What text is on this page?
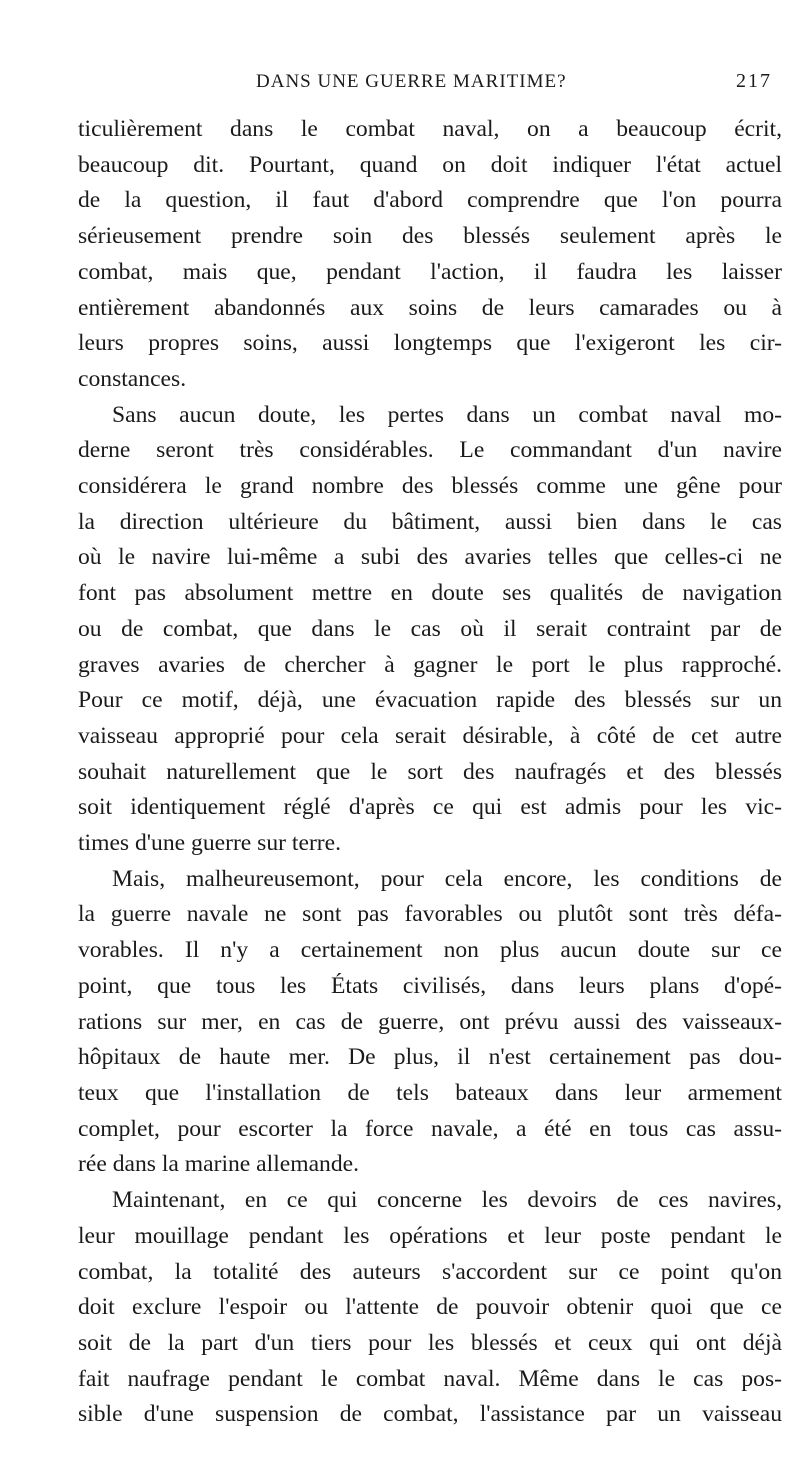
DANS UNE GUERRE MARITIME?	217

ticulièrement dans le combat naval, on a beaucoup écrit,
beaucoup dit. Pourtant, quand on doit indiquer l'état actuel
de la question, il faut d'abord comprendre que l'on pourra
sérieusement prendre soin des blessés seulement après le
combat, mais que, pendant l'action, il faudra les laisser
entièrement abandonnés aux soins de leurs camarades ou à
leurs propres soins, aussi longtemps que l'exigeront les cir-
constances.

Sans aucun doute, les pertes dans un combat naval mo-
derne seront très considérables. Le commandant d'un navire
considérera le grand nombre des blessés comme une gêne pour
la direction ultérieure du bâtiment, aussi bien dans le cas
où le navire lui-même a subi des avaries telles que celles-ci ne
font pas absolument mettre en doute ses qualités de navigation
ou de combat, que dans le cas où il serait contraint par de
graves avaries de chercher à gagner le port le plus rapproché.
Pour ce motif, déjà, une évacuation rapide des blessés sur un
vaisseau approprié pour cela serait désirable, à côté de cet autre
souhait naturellement que le sort des naufragés et des blessés
soit identiquement réglé d'après ce qui est admis pour les vic-
times d'une guerre sur terre.

Mais, malheureusemont, pour cela encore, les conditions de
la guerre navale ne sont pas favorables ou plutôt sont très défa-
vorables. Il n'y a certainement non plus aucun doute sur ce
point, que tous les États civilisés, dans leurs plans d'opé-
rations sur mer, en cas de guerre, ont prévu aussi des vaisseaux-
hôpitaux de haute mer. De plus, il n'est certainement pas dou-
teux que l'installation de tels bateaux dans leur armement
complet, pour escorter la force navale, a été en tous cas assu-
rée dans la marine allemande.

Maintenant, en ce qui concerne les devoirs de ces navires,
leur mouillage pendant les opérations et leur poste pendant le
combat, la totalité des auteurs s'accordent sur ce point qu'on
doit exclure l'espoir ou l'attente de pouvoir obtenir quoi que ce
soit de la part d'un tiers pour les blessés et ceux qui ont déjà
fait naufrage pendant le combat naval. Même dans le cas pos-
sible d'une suspension de combat, l'assistance par un vaisseau
